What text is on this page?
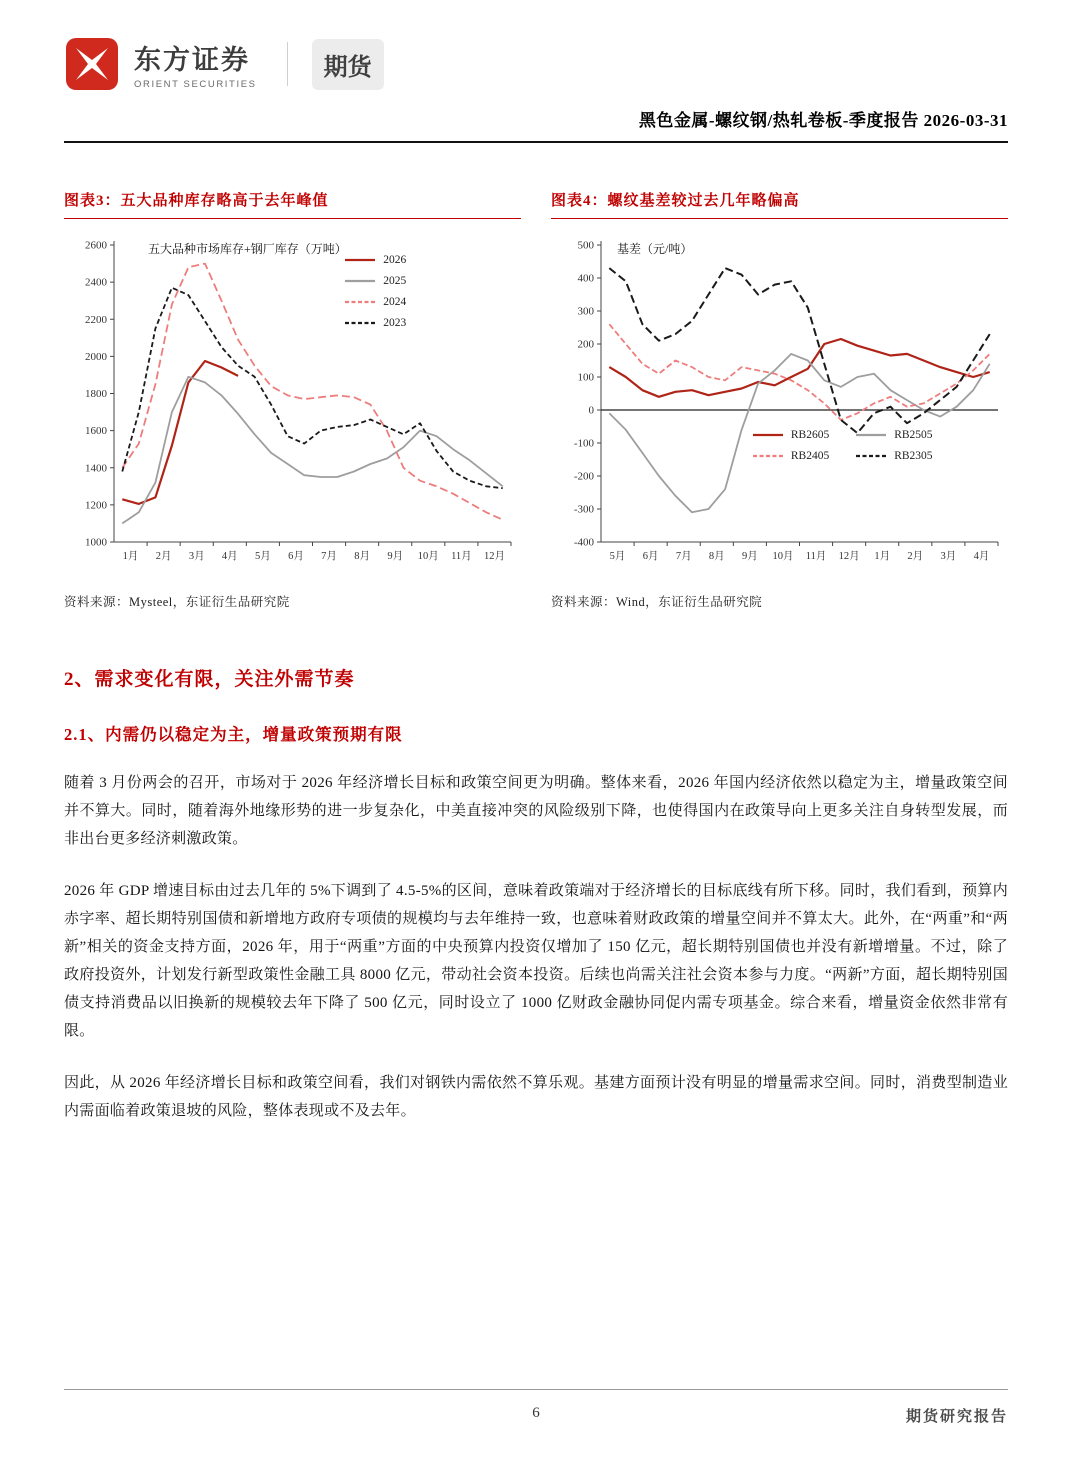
东方证券
ORIENT SECURITIES
期货
黑色金属-螺纹钢/热轧卷板-季度报告 2026-03-31
图表3：五大品种库存略高于去年峰值
1000
1200
1400
1600
1800
2000
2200
2400
2600
1月 2月 3月 4月 5月 6月 7月 8月 9月 10月 11月 12月
五大品种市场库存+钢厂库存（万吨）
2026
2025
2024
2023
资料来源：Mysteel，东证衍生品研究院
图表4：螺纹基差较过去几年略偏高
-400
-300
-200
-100
0
100
200
300
400
500
5月 6月 7月 8月 9月 10月 11月 12月 1月 2月 3月 4月
基差（元/吨）
RB2605	RB2505
RB2405	RB2305
资料来源：Wind，东证衍生品研究院
2、需求变化有限，关注外需节奏
2.1、内需仍以稳定为主，增量政策预期有限

随着 3 月份两会的召开，市场对于 2026 年经济增长目标和政策空间更为明确。整体来看，2026 年国内经济依然以稳定为主，增量政策空间并不算大。同时，随着海外地缘形势的进一步复杂化，中美直接冲突的风险级别下降，也使得国内在政策导向上更多关注自身转型发展，而非出台更多经济刺激政策。

2026 年 GDP 增速目标由过去几年的 5%下调到了 4.5-5%的区间，意味着政策端对于经济增长的目标底线有所下移。同时，我们看到，预算内赤字率、超长期特别国债和新增地方政府专项债的规模均与去年维持一致，也意味着财政政策的增量空间并不算太大。此外，在“两重”和“两新”相关的资金支持方面，2026 年，用于“两重”方面的中央预算内投资仅增加了 150 亿元，超长期特别国债也并没有新增增量。不过，除了政府投资外，计划发行新型政策性金融工具 8000 亿元，带动社会资本投资。后续也尚需关注社会资本参与力度。“两新”方面，超长期特别国债支持消费品以旧换新的规模较去年下降了 500 亿元，同时设立了 1000 亿财政金融协同促内需专项基金。综合来看，增量资金依然非常有限。

因此，从 2026 年经济增长目标和政策空间看，我们对钢铁内需依然不算乐观。基建方面预计没有明显的增量需求空间。同时，消费型制造业内需面临着政策退坡的风险，整体表现或不及去年。

6	期货研究报告
